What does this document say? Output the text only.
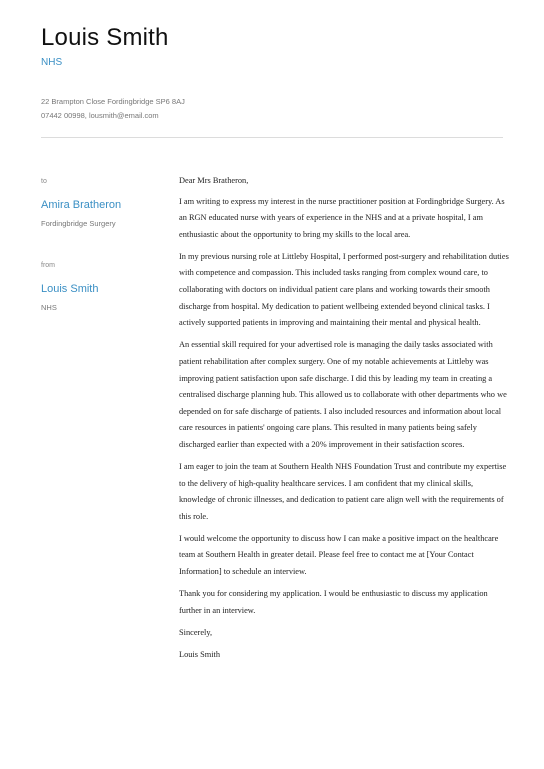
Louis Smith
NHS
22 Brampton Close Fordingbridge SP6 8AJ
07442 00998, lousmith@email.com
to
Amira Bratheron
Fordingbridge Surgery
from
Louis Smith
NHS

Dear Mrs Bratheron,

I am writing to express my interest in the nurse practitioner position at Fordingbridge Surgery. As an RGN educated nurse with years of experience in the NHS and at a private hospital, I am enthusiastic about the opportunity to bring my skills to the local area.

In my previous nursing role at Littleby Hospital, I performed post-surgery and rehabilitation duties with competence and compassion. This included tasks ranging from complex wound care, to collaborating with doctors on individual patient care plans and working towards their smooth discharge from hospital. My dedication to patient wellbeing extended beyond clinical tasks. I actively supported patients in improving and maintaining their mental and physical health.

An essential skill required for your advertised role is managing the daily tasks associated with patient rehabilitation after complex surgery. One of my notable achievements at Littleby was improving patient satisfaction upon safe discharge. I did this by leading my team in creating a centralised discharge planning hub. This allowed us to collaborate with other departments who we depended on for safe discharge of patients. I also included resources and information about local care resources in patients' ongoing care plans. This resulted in many patients being safely discharged earlier than expected with a 20% improvement in their satisfaction scores.

I am eager to join the team at Southern Health NHS Foundation Trust and contribute my expertise to the delivery of high-quality healthcare services. I am confident that my clinical skills, knowledge of chronic illnesses, and dedication to patient care align well with the requirements of this role.

I would welcome the opportunity to discuss how I can make a positive impact on the healthcare team at Southern Health in greater detail. Please feel free to contact me at [Your Contact Information] to schedule an interview.

Thank you for considering my application. I would be enthusiastic to discuss my application further in an interview.

Sincerely,

Louis Smith
